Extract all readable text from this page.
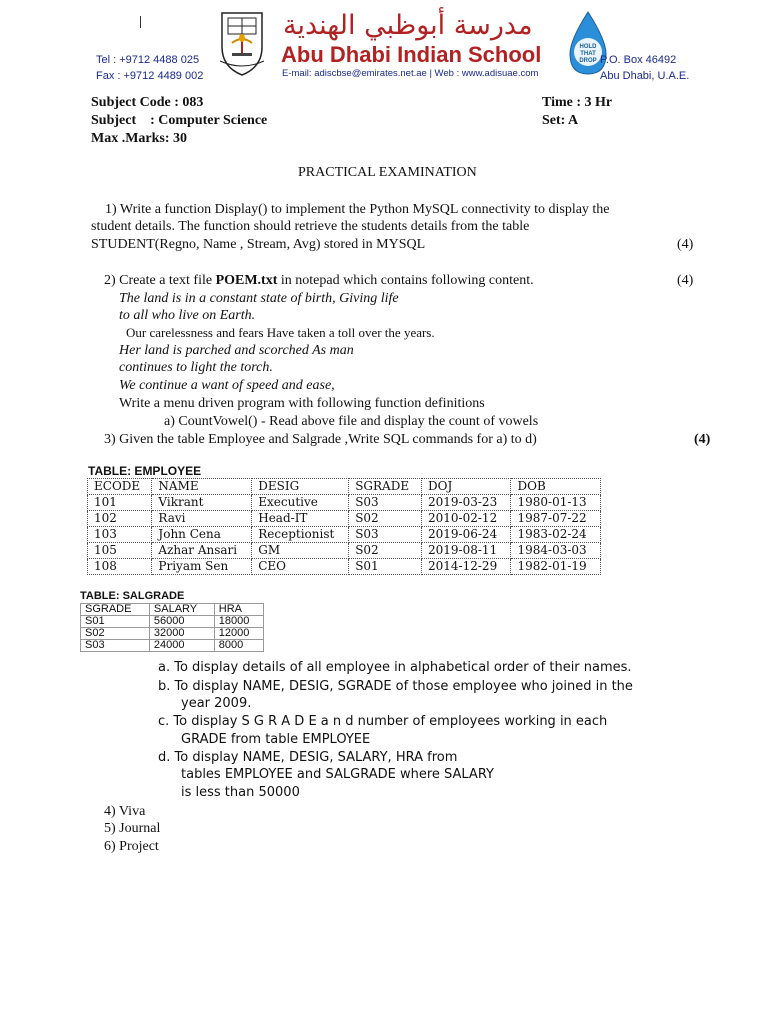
Tel : +9712 4488 025
Fax : +9712 4489 002
مدرسة أبوظبي الهندية
Abu Dhabi Indian School
E-mail: adiscbse@emirates.net.ae | Web : www.adisuae.com
HOLD
THAT
DROP P.O. Box 46492
Abu Dhabi, U.A.E.
Subject Code : 083
Subject    : Computer Science
Max .Marks: 30
Time : 3 Hr
Set: A
PRACTICAL EXAMINATION
1) Write a function Display() to implement the Python MySQL connectivity to display the
student details. The function should retrieve the students details from the table
STUDENT(Regno, Name , Stream, Avg) stored in MYSQL	(4)
2) Create a text file POEM.txt in notepad which contains following content.	(4)
The land is in a constant state of birth, Giving life
to all who live on Earth.
Our carelessness and fears Have taken a toll over the years.
Her land is parched and scorched As man
continues to light the torch.
We continue a want of speed and ease,
Write a menu driven program with following function definitions
a) CountVowel() - Read above file and display the count of vowels
3) Given the table Employee and Salgrade ,Write SQL commands for a) to d)	(4)
TABLE: EMPLOYEE
ECODE	NAME	DESIG	SGRADE	DOJ	DOB
101	Vikrant	Executive	S03	2019-03-23	1980-01-13
102	Ravi	Head-IT	S02	2010-02-12	1987-07-22
103	John Cena	Receptionist	S03	2019-06-24	1983-02-24
105	Azhar Ansari	GM	S02	2019-08-11	1984-03-03
108	Priyam Sen	CEO	S01	2014-12-29	1982-01-19
TABLE: SALGRADE
SGRADE	SALARY	HRA
S01	56000	18000
S02	32000	12000
S03	24000	8000
a. To display details of all employee in alphabetical order of their names.
b. To display NAME, DESIG, SGRADE of those employee who joined in the
year 2009.
c. To display S G R A D E a n d number of employees working in each
GRADE from table EMPLOYEE
d. To display NAME, DESIG, SALARY, HRA from
tables EMPLOYEE and SALGRADE where SALARY
is less than 50000
4) Viva
5) Journal
6) Project
